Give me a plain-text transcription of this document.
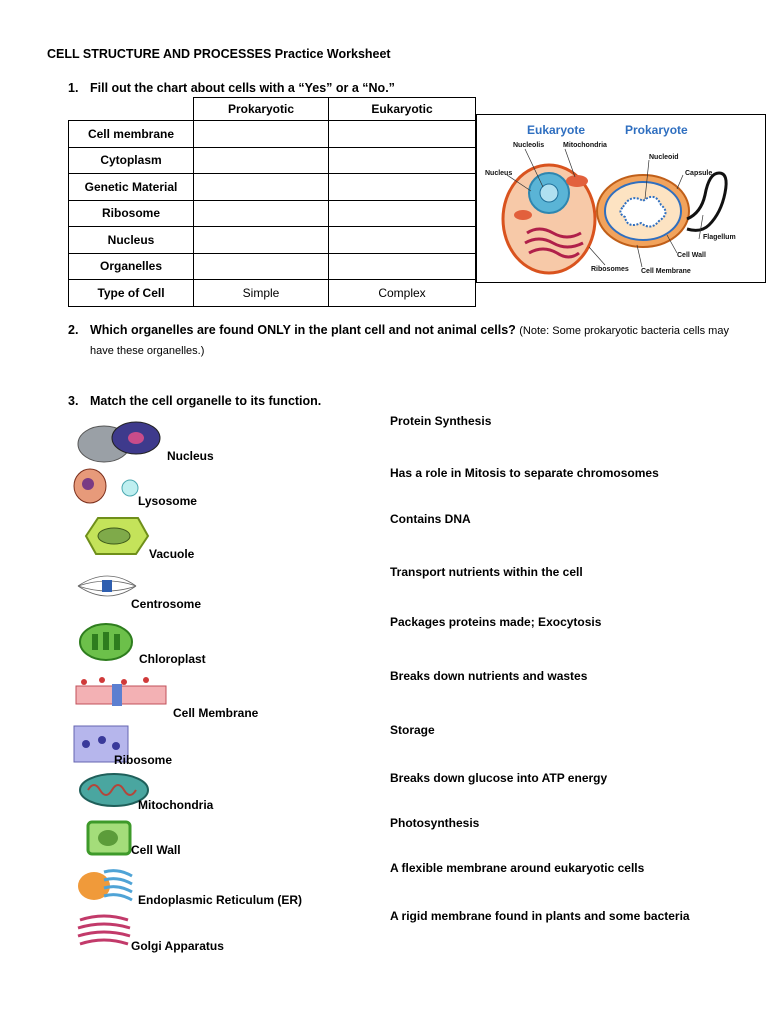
CELL STRUCTURE AND PROCESSES Practice Worksheet
1. Fill out the chart about cells with a “Yes” or a “No.”
	Prokaryotic	Eukaryotic
Cell membrane		
Cytoplasm		
Genetic Material		
Ribosome		
Nucleus		
Organelles		
Type of Cell	Simple	Complex
Eukaryote	Prokaryote
Nucleolis	Mitochondria
Nucleus
Nucleoid
Capsule
Flagellum
Cell Wall
Ribosomes Cell Membrane
2. Which organelles are found ONLY in the plant cell and not animal cells? (Note: Some prokaryotic bacteria cells may
have these organelles.)
3. Match the cell organelle to its function.
Nucleus
Lysosome
Vacuole
Centrosome
Chloroplast
Cell Membrane
Ribosome
Mitochondria
Cell Wall
Endoplasmic Reticulum (ER)
Golgi Apparatus
Protein Synthesis
Has a role in Mitosis to separate chromosomes
Contains DNA
Transport nutrients within the cell
Packages proteins made; Exocytosis
Breaks down nutrients and wastes
Storage
Breaks down glucose into ATP energy
Photosynthesis
A flexible membrane around eukaryotic cells
A rigid membrane found in plants and some bacteria
